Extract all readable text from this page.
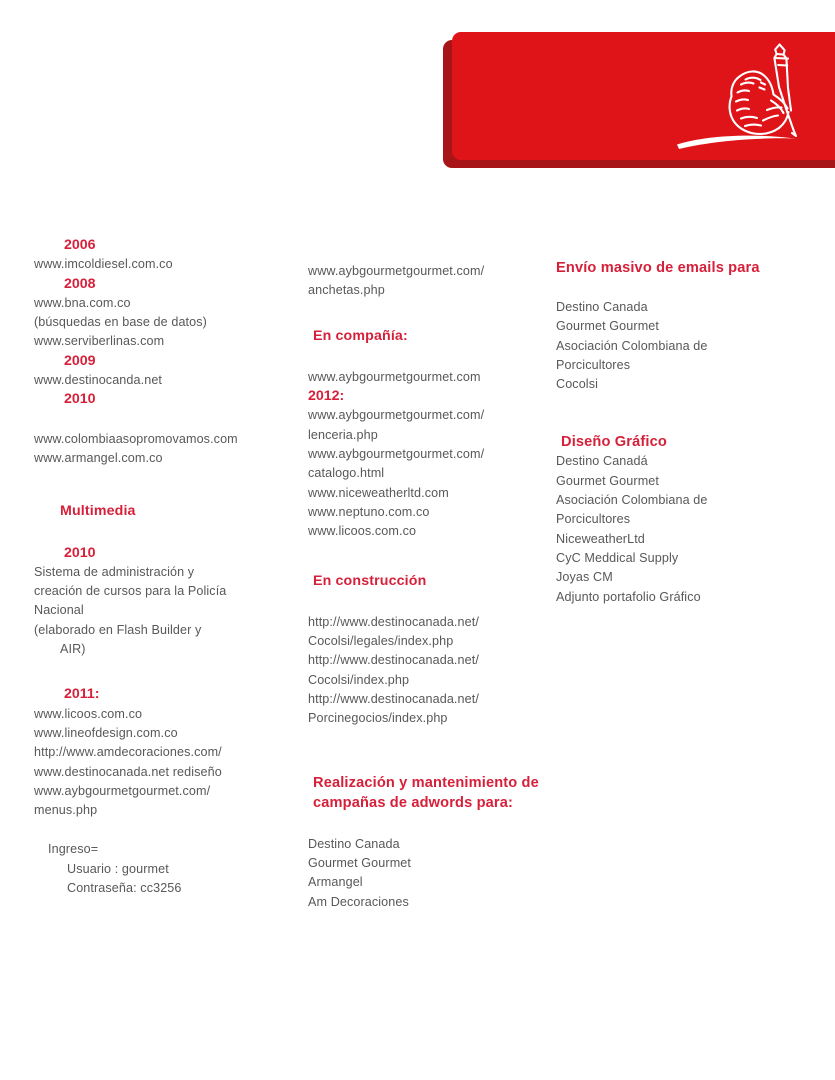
2006
www.imcoldiesel.com.co
2008
www.bna.com.co
(búsquedas en base de datos)
www.serviberlinas.com
2009
www.destinocanda.net
2010
www.colombiaasopromovamos.com
www.armangel.com.co
Multimedia
2010
Sistema de administración y
creación de cursos para la Policía
Nacional
(elaborado en Flash Builder y
AIR)
2011:
www.licoos.com.co
www.lineofdesign.com.co
http://www.amdecoraciones.com/
www.destinocanada.net rediseño
www.aybgourmetgourmet.com/
menus.php
Ingreso=
Usuario : gourmet
Contraseña: cc3256
www.aybgourmetgourmet.com/
anchetas.php
En compañía:
www.aybgourmetgourmet.com
2012:
www.aybgourmetgourmet.com/
lenceria.php
www.aybgourmetgourmet.com/
catalogo.html
www.niceweatherltd.com
www.neptuno.com.co
www.licoos.com.co
En construcción
http://www.destinocanada.net/
Cocolsi/legales/index.php
http://www.destinocanada.net/
Cocolsi/index.php
http://www.destinocanada.net/
Porcinegocios/index.php
Realización y mantenimiento de
campañas de adwords para:
Destino Canada
Gourmet Gourmet
Armangel
Am Decoraciones
Envío masivo de emails para
Destino Canada
Gourmet Gourmet
Asociación Colombiana de
Porcicultores
Cocolsi
Diseño Gráfico
Destino Canadá
Gourmet Gourmet
Asociación Colombiana de
Porcicultores
NiceweatherLtd
CyC Meddical Supply
Joyas CM
Adjunto portafolio Gráfico
